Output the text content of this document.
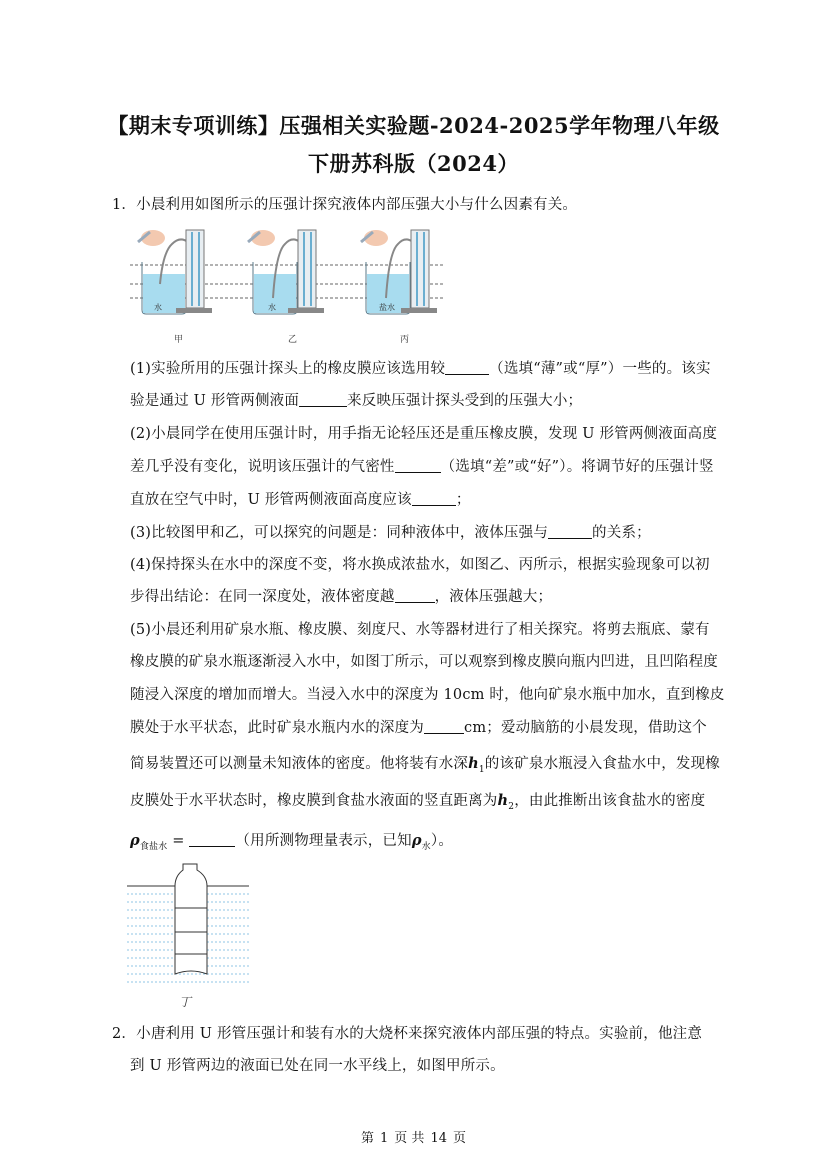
【期末专项训练】压强相关实验题-2024-2025学年物理八年级
下册苏科版（2024）
1．小晨利用如图所示的压强计探究液体内部压强大小与什么因素有关。
水
甲
水
乙
盐水
丙
(1)实验所用的压强计探头上的橡皮膜应该选用较	（选填“薄”或“厚”）一些的。该实
验是通过 U 形管两侧液面	来反映压强计探头受到的压强大小；
(2)小晨同学在使用压强计时，用手指无论轻压还是重压橡皮膜，发现 U 形管两侧液面高度
差几乎没有变化，说明该压强计的气密性	（选填“差”或“好”）。将调节好的压强计竖
直放在空气中时，U 形管两侧液面高度应该	；
(3)比较图甲和乙，可以探究的问题是：同种液体中，液体压强与	的关系；
(4)保持探头在水中的深度不变，将水换成浓盐水，如图乙、丙所示，根据实验现象可以初
步得出结论：在同一深度处，液体密度越	，液体压强越大；
(5)小晨还利用矿泉水瓶、橡皮膜、刻度尺、水等器材进行了相关探究。将剪去瓶底、蒙有
橡皮膜的矿泉水瓶逐渐浸入水中，如图丁所示，可以观察到橡皮膜向瓶内凹进，且凹陷程度
随浸入深度的增加而增大。当浸入水中的深度为 10cm 时，他向矿泉水瓶中加水，直到橡皮
膜处于水平状态，此时矿泉水瓶内水的深度为	cm；爱动脑筋的小晨发现，借助这个
简易装置还可以测量未知液体的密度。他将装有水深$h_1$的该矿泉水瓶浸入食盐水中，发现橡
皮膜处于水平状态时，橡皮膜到食盐水液面的竖直距离为$h_2$，由此推断出该食盐水的密度
$\rho_{食盐水}$ =	（用所测物理量表示，已知$\rho_水$）。
丁
2．小唐利用 U 形管压强计和装有水的大烧杯来探究液体内部压强的特点。实验前，他注意
到 U 形管两边的液面已处在同一水平线上，如图甲所示。
第 1 页 共 14 页
